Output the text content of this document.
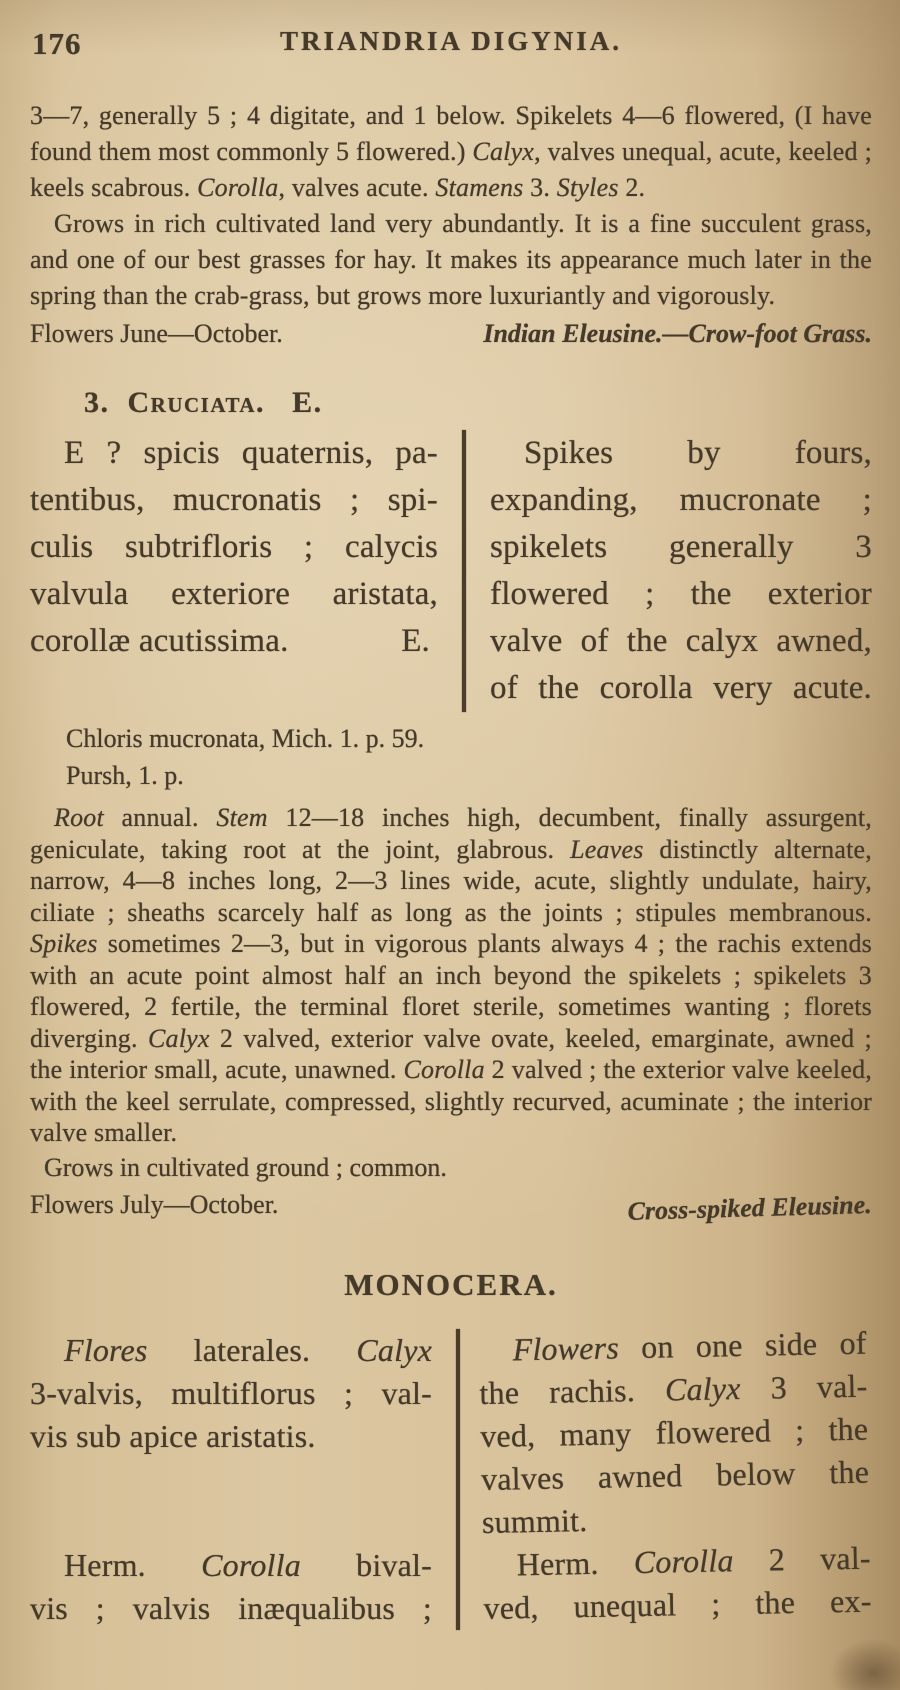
176	TRIANDRIA DIGYNIA.

3—7, generally 5 ; 4 digitate, and 1 below. Spikelets 4—6 flowered, (I have found them most commonly 5 flowered.) Calyx, valves unequal, acute, keeled ; keels scabrous. Corolla, valves acute. Stamens 3. Styles 2.

Grows in rich cultivated land very abundantly. It is a fine succulent grass, and one of our best grasses for hay. It makes its appearance much later in the spring than the crab-grass, but grows more luxuriantly and vigorously.

Flowers June—October.	Indian Eleusine.—Crow-foot Grass.
3.  Cruciata.   E.
E ? spicis quaternis, pa-
tentibus, mucronatis ; spi-
culis subtrifloris ; calycis
valvula exteriore aristata,
corollæ acutissima.	E.
Spikes by fours,
expanding, mucronate ;
spikelets generally 3
flowered ; the exterior
valve of the calyx awned,
of the corolla very acute.
Chloris mucronata, Mich. 1. p. 59.
Pursh, 1. p.

Root annual. Stem 12—18 inches high, decumbent, finally assurgent, geniculate, taking root at the joint, glabrous. Leaves distinctly alternate, narrow, 4—8 inches long, 2—3 lines wide, acute, slightly undulate, hairy, ciliate ; sheaths scarcely half as long as the joints ; stipules membranous. Spikes sometimes 2—3, but in vigorous plants always 4 ; the rachis extends with an acute point almost half an inch beyond the spikelets ; spikelets 3 flowered, 2 fertile, the terminal floret sterile, sometimes wanting ; florets diverging. Calyx 2 valved, exterior valve ovate, keeled, emarginate, awned ; the interior small, acute, unawned. Corolla 2 valved ; the exterior valve keeled, with the keel serrulate, compressed, slightly recurved, acuminate ; the interior valve smaller.

Grows in cultivated ground ; common.
Flowers July—October.	Cross-spiked Eleusine.
MONOCERA.
Flores laterales. Calyx
3-valvis, multiflorus ; val-
vis sub apice aristatis.
Herm. Corolla bival-
vis ; valvis inæqualibus ;
Flowers on one side of
the rachis. Calyx 3 val-
ved, many flowered ; the
valves awned below the
summit.
Herm. Corolla 2 val-
ved, unequal ; the ex-
